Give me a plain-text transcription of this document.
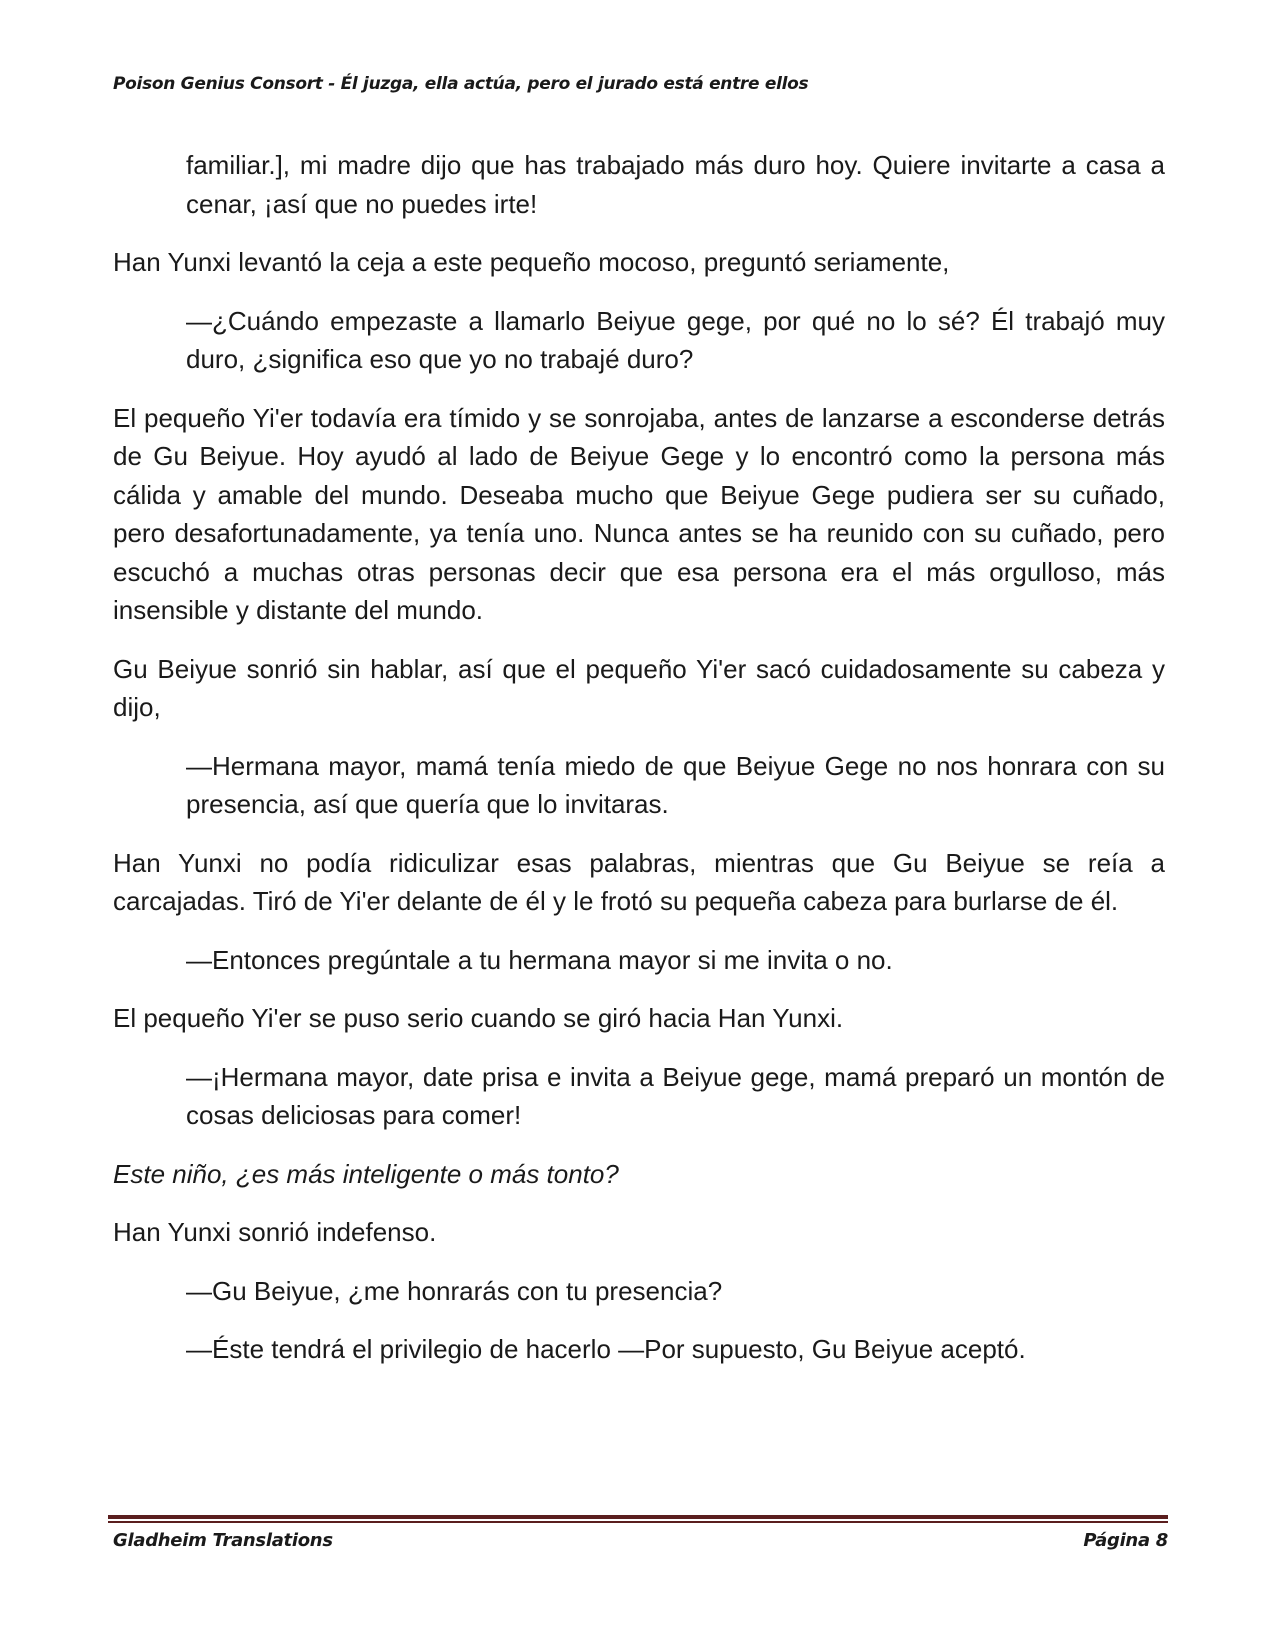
Poison Genius Consort - Él juzga, ella actúa, pero el jurado está entre ellos

familiar.], mi madre dijo que has trabajado más duro hoy. Quiere invitarte a casa a cenar, ¡así que no puedes irte!

Han Yunxi levantó la ceja a este pequeño mocoso, preguntó seriamente,

—¿Cuándo empezaste a llamarlo Beiyue gege, por qué no lo sé? Él trabajó muy duro, ¿significa eso que yo no trabajé duro?

El pequeño Yi'er todavía era tímido y se sonrojaba, antes de lanzarse a esconderse detrás de Gu Beiyue. Hoy ayudó al lado de Beiyue Gege y lo encontró como la persona más cálida y amable del mundo. Deseaba mucho que Beiyue Gege pudiera ser su cuñado, pero desafortunadamente, ya tenía uno. Nunca antes se ha reunido con su cuñado, pero escuchó a muchas otras personas decir que esa persona era el más orgulloso, más insensible y distante del mundo.

Gu Beiyue sonrió sin hablar, así que el pequeño Yi'er sacó cuidadosamente su cabeza y dijo,

—Hermana mayor, mamá tenía miedo de que Beiyue Gege no nos honrara con su presencia, así que quería que lo invitaras.

Han Yunxi no podía ridiculizar esas palabras, mientras que Gu Beiyue se reía a carcajadas. Tiró de Yi'er delante de él y le frotó su pequeña cabeza para burlarse de él.

—Entonces pregúntale a tu hermana mayor si me invita o no.

El pequeño Yi'er se puso serio cuando se giró hacia Han Yunxi.

—¡Hermana mayor, date prisa e invita a Beiyue gege, mamá preparó un montón de cosas deliciosas para comer!

Este niño, ¿es más inteligente o más tonto?

Han Yunxi sonrió indefenso.

—Gu Beiyue, ¿me honrarás con tu presencia?

—Éste tendrá el privilegio de hacerlo —Por supuesto, Gu Beiyue aceptó.

Gladheim Translations	Página 8
